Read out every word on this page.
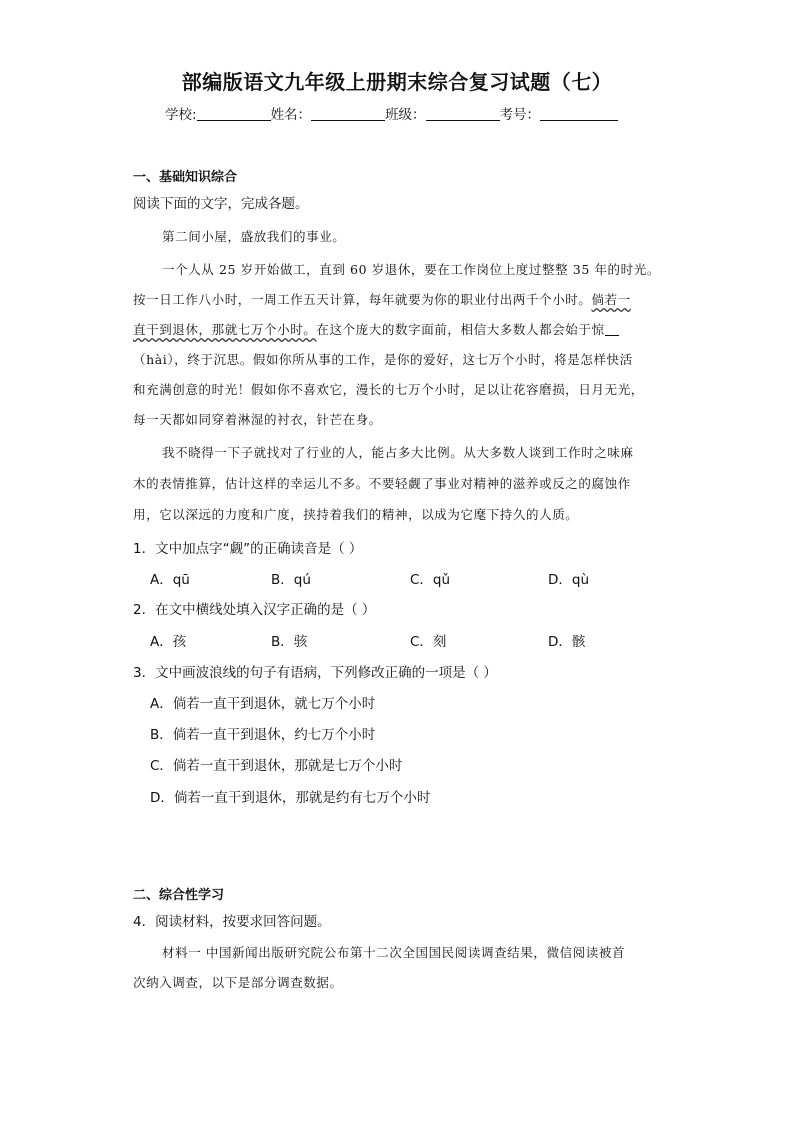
部编版语文九年级上册期末综合复习试题（七）
学校:	姓名：	班级：	考号：
一、基础知识综合
阅读下面的文字，完成各题。
第二间小屋，盛放我们的事业。
一个人从 25 岁开始做工，直到 60 岁退休，要在工作岗位上度过整整 35 年的时光。
按一日工作八小时，一周工作五天计算，每年就要为你的职业付出两千个小时。倘若一
直干到退休，那就七万个小时。在这个庞大的数字面前，相信大多数人都会始于惊
（hài），终于沉思。假如你所从事的工作，是你的爱好，这七万个小时，将是怎样快活
和充满创意的时光！假如你不喜欢它，漫长的七万个小时，足以让花容磨损，日月无光，
每一天都如同穿着淋湿的衬衣，针芒在身。
我不晓得一下子就找对了行业的人，能占多大比例。从大多数人谈到工作时之味麻
木的表情推算，估计这样的幸运儿不多。不要轻觑了事业对精神的滋养或反之的腐蚀作
用，它以深远的力度和广度，挟持着我们的精神，以成为它麾下持久的人质。
1．文中加点字“觑”的正确读音是（ ）
A．qū	B．qú	C．qǔ	D．qù
2．在文中横线处填入汉字正确的是（ ）
A．孩	B．骇	C．刻	D．骸
3．文中画波浪线的句子有语病，下列修改正确的一项是（ ）
A．倘若一直干到退休，就七万个小时
B．倘若一直干到退休，约七万个小时
C．倘若一直干到退休，那就是七万个小时
D．倘若一直干到退休，那就是约有七万个小时
二、综合性学习
4．阅读材料，按要求回答问题。
材料一 中国新闻出版研究院公布第十二次全国国民阅读调查结果，微信阅读被首
次纳入调查，以下是部分调查数据。
